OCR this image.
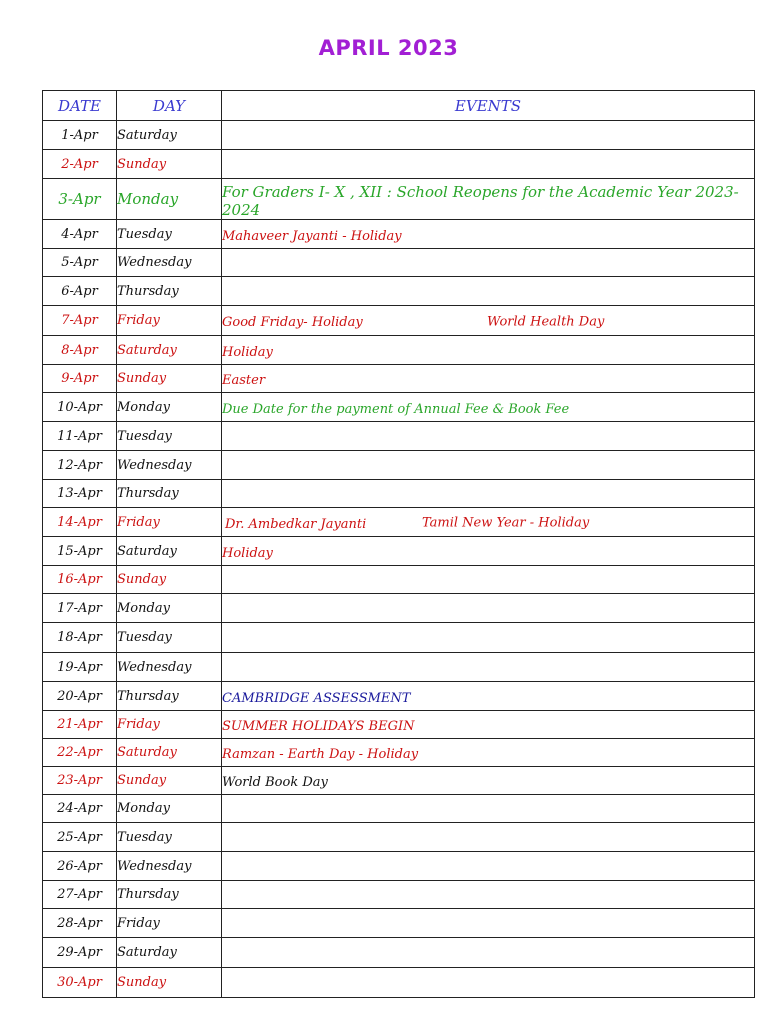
APRIL 2023
DATE	DAY	EVENTS
1-Apr	Saturday	
2-Apr	Sunday	
3-Apr	Monday	For Graders I- X , XII : School Reopens for the Academic Year 2023-2024
4-Apr	Tuesday	Mahaveer Jayanti - Holiday
5-Apr	Wednesday	
6-Apr	Thursday	
7-Apr	Friday	Good Friday- Holiday World Health Day

8-Apr	Saturday	Holiday
9-Apr	Sunday	Easter
10-Apr	Monday	Due Date for the payment of Annual Fee & Book Fee
11-Apr	Tuesday	
12-Apr	Wednesday	
13-Apr	Thursday	
14-Apr	Friday	Dr. Ambedkar Jayanti Tamil New Year - Holiday

15-Apr	Saturday	Holiday
16-Apr	Sunday	
17-Apr	Monday	
18-Apr	Tuesday	
19-Apr	Wednesday	
20-Apr	Thursday	CAMBRIDGE ASSESSMENT
21-Apr	Friday	SUMMER HOLIDAYS BEGIN
22-Apr	Saturday	Ramzan - Earth Day - Holiday
23-Apr	Sunday	World Book Day
24-Apr	Monday	
25-Apr	Tuesday	
26-Apr	Wednesday	
27-Apr	Thursday	
28-Apr	Friday	
29-Apr	Saturday	
30-Apr	Sunday	
